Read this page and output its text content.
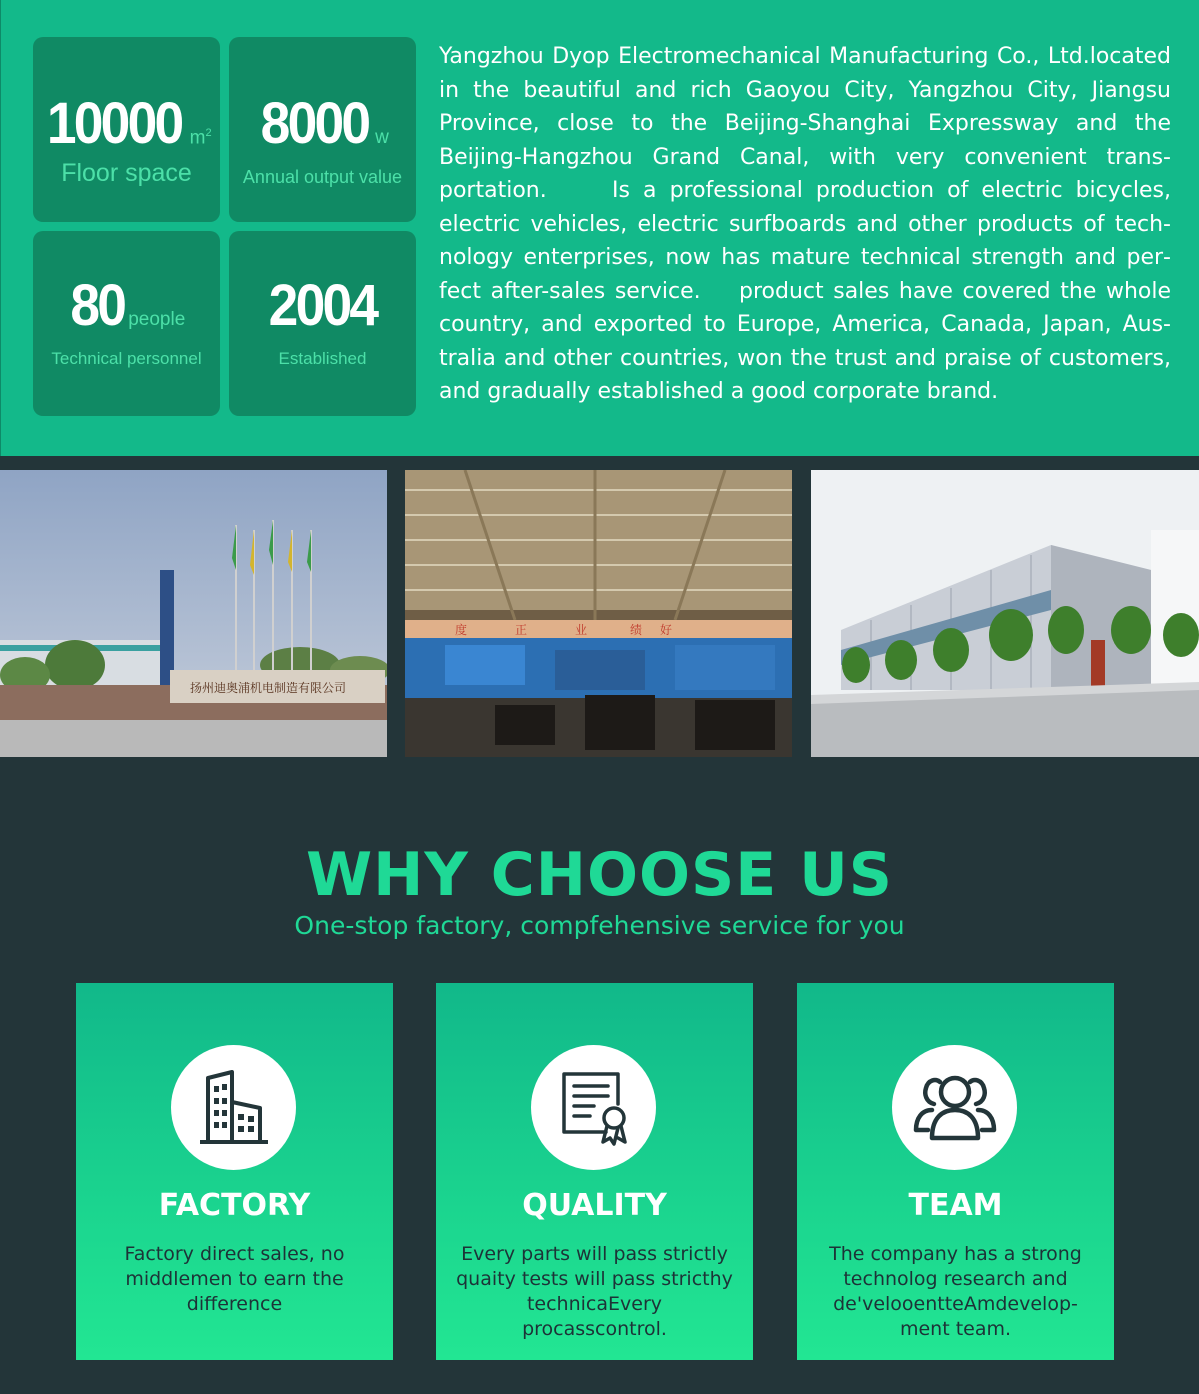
10000 $m^2$
Floor space
8000 w
Annual output value
80 people
Technical personnel
2004
Established

Yangzhou Dyop Electromechanical Manufacturing Co., Ltd.located in the beautiful and rich Gaoyou City, Yangzhou City, Jiangsu Province, close to the Beijing-Shanghai Expressway and the Beijing-Hangzhou Grand Canal, with very convenient transportation.     Is a professional production of electric bicycles, electric vehicles, electric surfboards and other products of technology enterprises, now has mature technical strength and perfect after-sales service.    product sales have covered the whole country, and exported to Europe, America, Canada, Japan, Australia and other countries, won the trust and praise of customers, and gradually established a good corporate brand.

扬州迪奥浦机电制造有限公司
度	正	业	绩 好
WHY CHOOSE US

One-stop factory, compfehensive service for you

FACTORY

Factory direct sales, no middlemen to earn the difference

QUALITY

Every parts will pass strictly quaity tests will pass stricthy technicaEvery procasscontrol.

TEAM

The company has a strong technolog research and de'velooentteAmdevelopment team.
